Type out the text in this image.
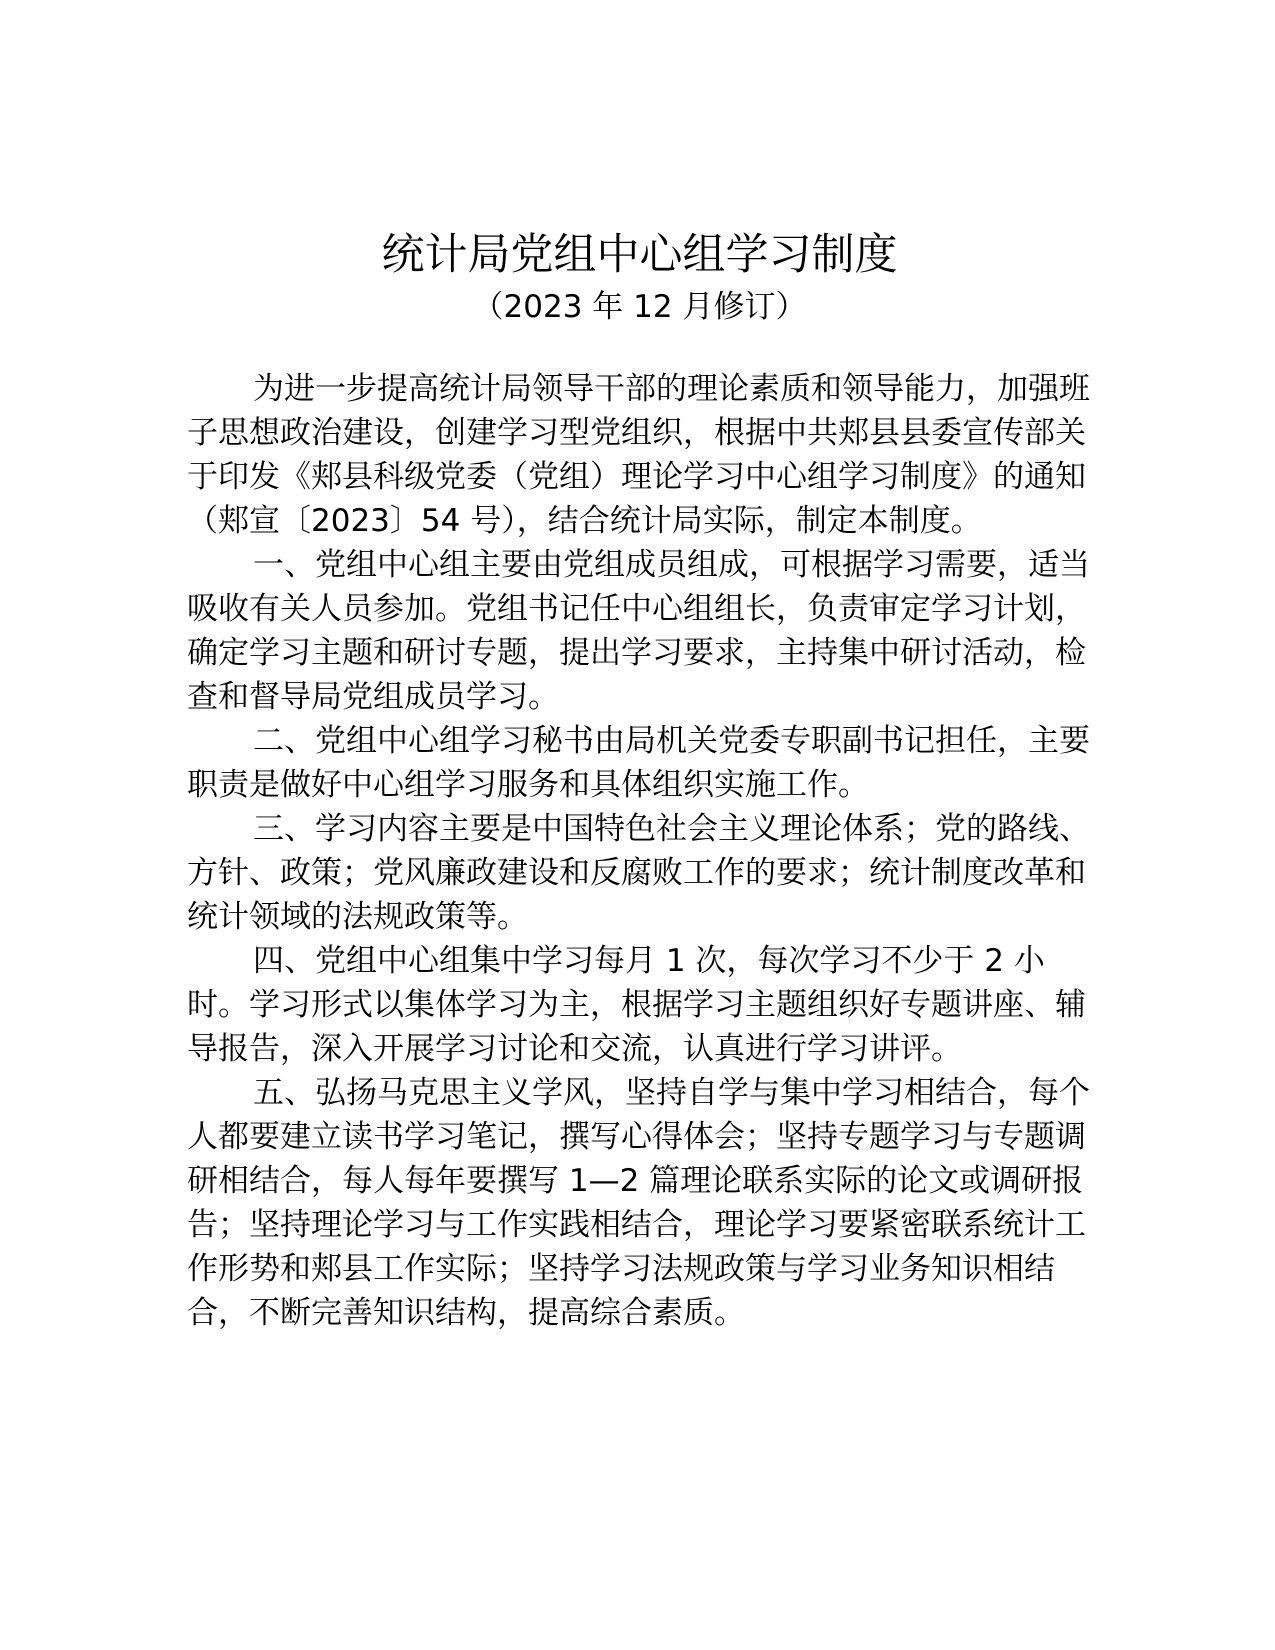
统计局党组中心组学习制度

（2023 年 12 月修订）

为进一步提高统计局领导干部的理论素质和领导能力，加强班子思想政治建设，创建学习型党组织，根据中共郏县县委宣传部关于印发《郏县科级党委（党组）理论学习中心组学习制度》的通知（郏宣〔2023〕54 号），结合统计局实际，制定本制度。

一、党组中心组主要由党组成员组成，可根据学习需要，适当吸收有关人员参加。党组书记任中心组组长，负责审定学习计划，确定学习主题和研讨专题，提出学习要求，主持集中研讨活动，检查和督导局党组成员学习。

二、党组中心组学习秘书由局机关党委专职副书记担任，主要职责是做好中心组学习服务和具体组织实施工作。

三、学习内容主要是中国特色社会主义理论体系；党的路线、方针、政策；党风廉政建设和反腐败工作的要求；统计制度改革和统计领域的法规政策等。

四、党组中心组集中学习每月 1 次，每次学习不少于 2 小时。学习形式以集体学习为主，根据学习主题组织好专题讲座、辅导报告，深入开展学习讨论和交流，认真进行学习讲评。

五、弘扬马克思主义学风，坚持自学与集中学习相结合，每个人都要建立读书学习笔记，撰写心得体会；坚持专题学习与专题调研相结合，每人每年要撰写 1—2 篇理论联系实际的论文或调研报告；坚持理论学习与工作实践相结合，理论学习要紧密联系统计工作形势和郏县工作实际；坚持学习法规政策与学习业务知识相结合，不断完善知识结构，提高综合素质。
